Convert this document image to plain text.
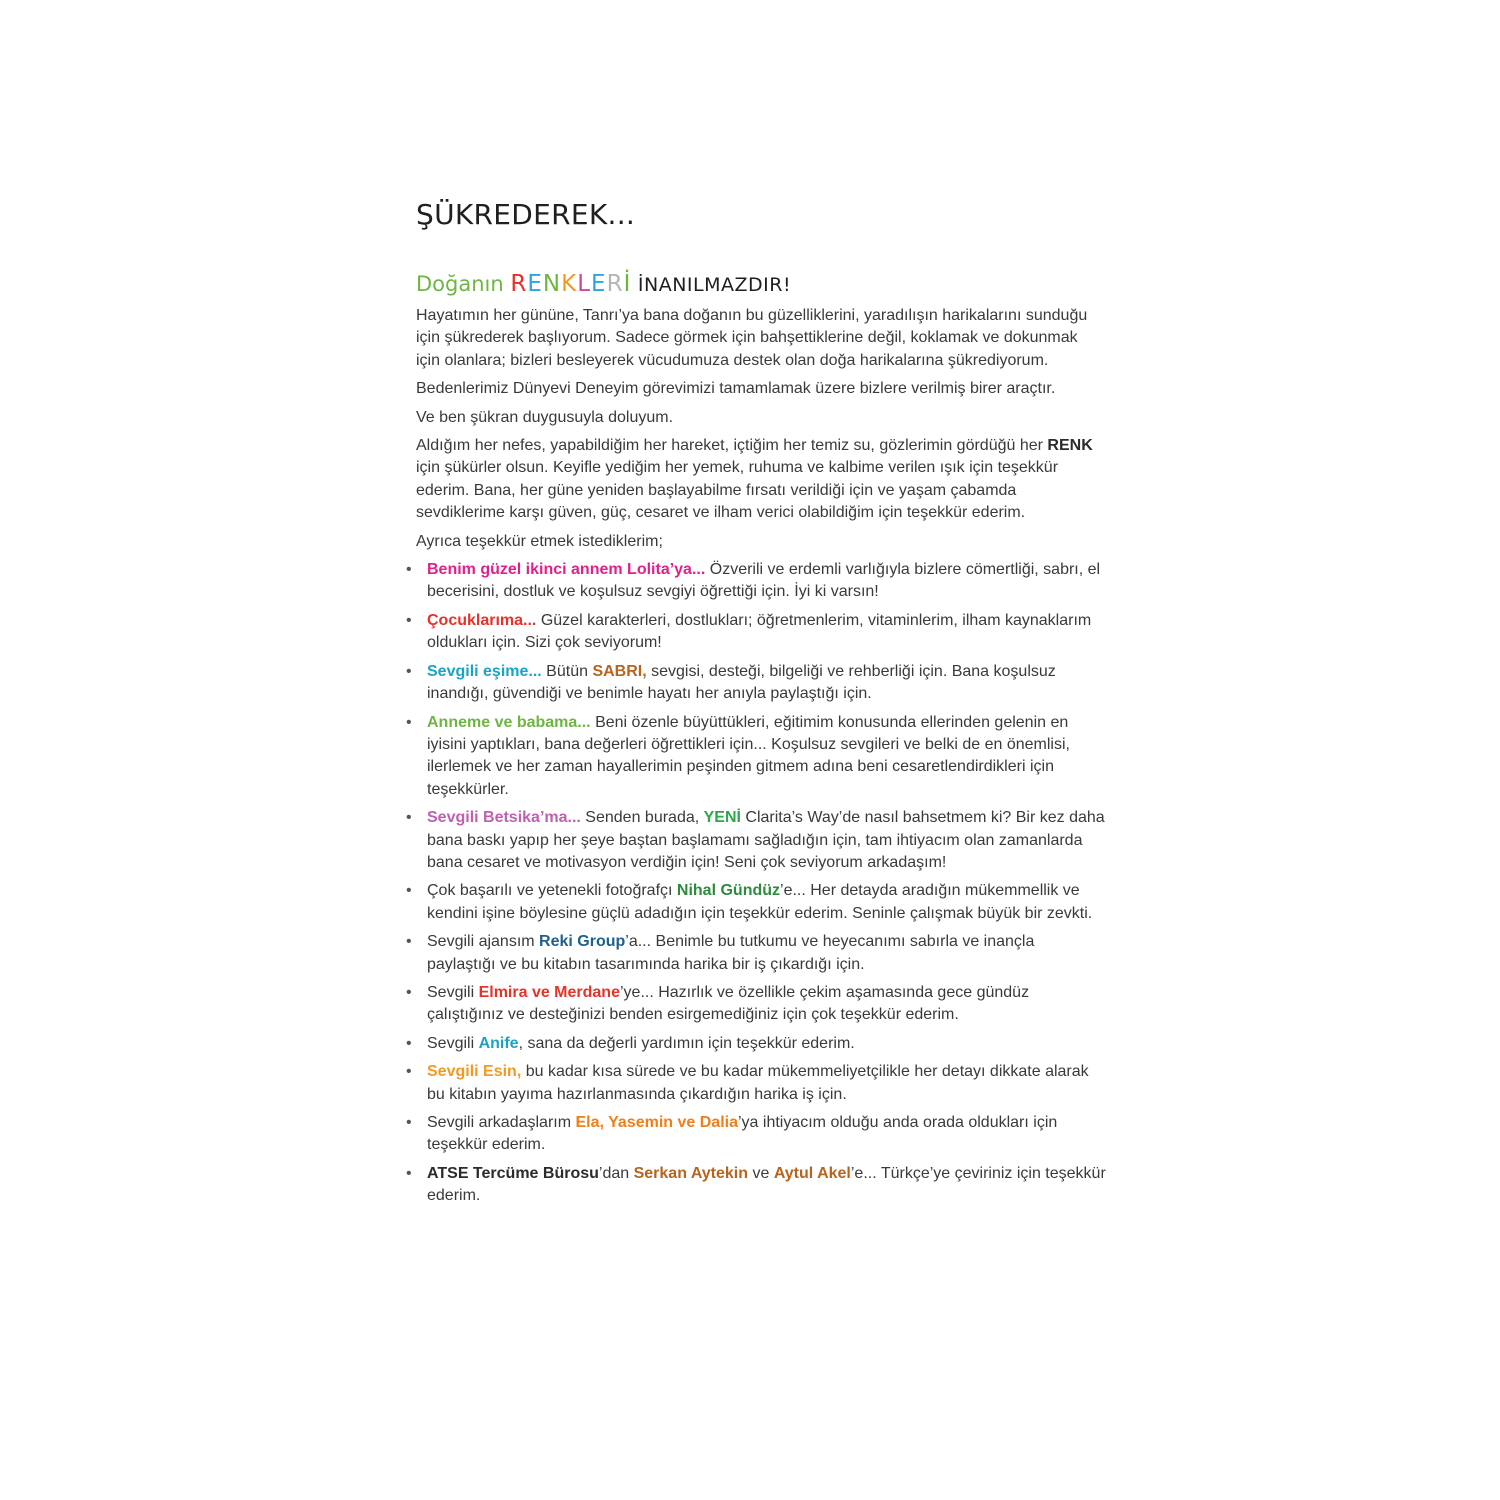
ŞÜKREDEREK...
Doğanın RENKLERİ İNANILMAZDIR!

Hayatımın her gününe, Tanrı’ya bana doğanın bu güzelliklerini, yaradılışın harikalarını sunduğu için şükrederek başlıyorum. Sadece görmek için bahşettiklerine değil, koklamak ve dokunmak için olanlara; bizleri besleyerek vücudumuza destek olan doğa harikalarına şükrediyorum.

Bedenlerimiz Dünyevi Deneyim görevimizi tamamlamak üzere bizlere verilmiş birer araçtır.

Ve ben şükran duygusuyla doluyum.

Aldığım her nefes, yapabildiğim her hareket, içtiğim her temiz su, gözlerimin gördüğü her RENK için şükürler olsun. Keyifle yediğim her yemek, ruhuma ve kalbime verilen ışık için teşekkür ederim. Bana, her güne yeniden başlayabilme fırsatı verildiği için ve yaşam çabamda sevdiklerime karşı güven, güç, cesaret ve ilham verici olabildiğim için teşekkür ederim.

Ayrıca teşekkür etmek istediklerim;

• Benim güzel ikinci annem Lolita’ya... Özverili ve erdemli varlığıyla bizlere cömertliği, sabrı, el becerisini, dostluk ve koşulsuz sevgiyi öğrettiği için. İyi ki varsın!
• Çocuklarıma... Güzel karakterleri, dostlukları; öğretmenlerim, vitaminlerim, ilham kaynaklarım oldukları için. Sizi çok seviyorum!
• Sevgili eşime... Bütün SABRI, sevgisi, desteği, bilgeliği ve rehberliği için. Bana koşulsuz inandığı, güvendiği ve benimle hayatı her anıyla paylaştığı için.
• Anneme ve babama... Beni özenle büyüttükleri, eğitimim konusunda ellerinden gelenin en iyisini yaptıkları, bana değerleri öğrettikleri için... Koşulsuz sevgileri ve belki de en önemlisi, ilerlemek ve her zaman hayallerimin peşinden gitmem adına beni cesaretlendirdikleri için teşekkürler.
• Sevgili Betsika’ma... Senden burada, YENİ Clarita’s Way’de nasıl bahsetmem ki? Bir kez daha bana baskı yapıp her şeye baştan başlamamı sağladığın için, tam ihtiyacım olan zamanlarda bana cesaret ve motivasyon verdiğin için! Seni çok seviyorum arkadaşım!
• Çok başarılı ve yetenekli fotoğrafçı Nihal Gündüz’e... Her detayda aradığın mükemmellik ve kendini işine böylesine güçlü adadığın için teşekkür ederim. Seninle çalışmak büyük bir zevkti.
• Sevgili ajansım Reki Group’a... Benimle bu tutkumu ve heyecanımı sabırla ve inançla paylaştığı ve bu kitabın tasarımında harika bir iş çıkardığı için.
• Sevgili Elmira ve Merdane’ye... Hazırlık ve özellikle çekim aşamasında gece gündüz çalıştığınız ve desteğinizi benden esirgemediğiniz için çok teşekkür ederim.
• Sevgili Anife, sana da değerli yardımın için teşekkür ederim.
• Sevgili Esin, bu kadar kısa sürede ve bu kadar mükemmeliyetçilikle her detayı dikkate alarak bu kitabın yayıma hazırlanmasında çıkardığın harika iş için.
• Sevgili arkadaşlarım Ela, Yasemin ve Dalia’ya ihtiyacım olduğu anda orada oldukları için teşekkür ederim.
• ATSE Tercüme Bürosu’dan Serkan Aytekin ve Aytul Akel’e... Türkçe’ye çeviriniz için teşekkür ederim.
